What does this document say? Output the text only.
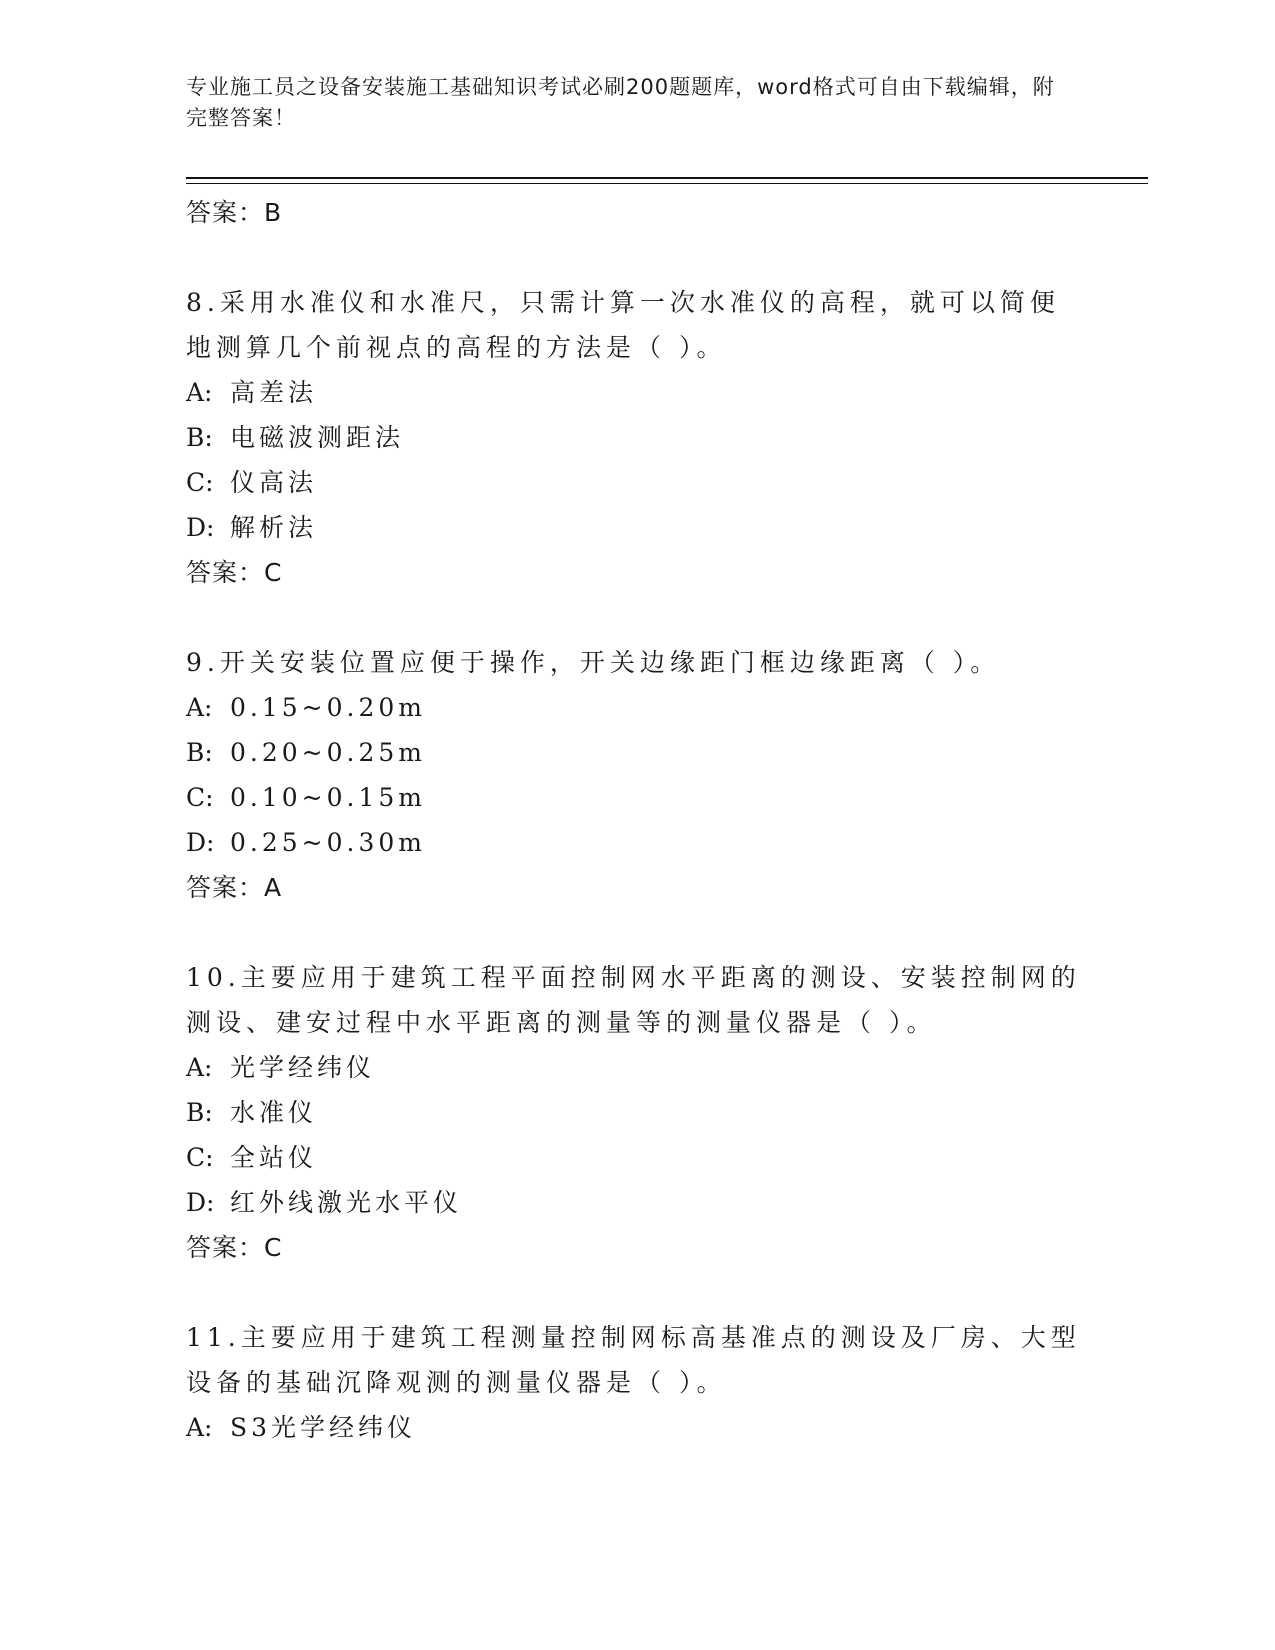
专业施工员之设备安装施工基础知识考试必刷200题题库，word格式可自由下载编辑，附完整答案！
答案：B
8.采用水准仪和水准尺，只需计算一次水准仪的高程，就可以简便地测算几个前视点的高程的方法是（ ）。
A: 高差法
B: 电磁波测距法
C: 仪高法
D: 解析法
答案：C
9.开关安装位置应便于操作，开关边缘距门框边缘距离（ ）。
A: 0.15~0.20m
B: 0.20~0.25m
C: 0.10~0.15m
D: 0.25~0.30m
答案：A
10.主要应用于建筑工程平面控制网水平距离的测设、安装控制网的测设、建安过程中水平距离的测量等的测量仪器是（ ）。
A: 光学经纬仪
B: 水准仪
C: 全站仪
D: 红外线激光水平仪
答案：C
11.主要应用于建筑工程测量控制网标高基准点的测设及厂房、大型设备的基础沉降观测的测量仪器是（ ）。
A: S3光学经纬仪
